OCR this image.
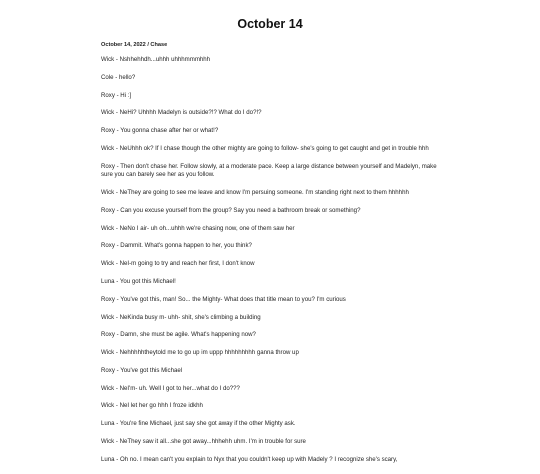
October 14

October 14, 2022 / Chase

Wick - Nshhehhdh...uhhh uhhhmmmhhh
Cole - hello?
Roxy - Hi :]
Wick - NeHi? Uhhhh Madelyn is outside?!? What do I do?!?
Roxy - You gonna chase after her or what!?
Wick - NeUhhh ok? If I chase though the other mighty are going to follow- she's going to get caught and get in trouble hhh
Roxy - Then don't chase her. Follow slowly, at a moderate pace. Keep a large distance between yourself and Madelyn, make sure you can barely see her as you follow.
Wick - NeThey are going to see me leave and know I'm persuing someone. I'm standing right next to them hhhhhh
Roxy - Can you excuse yourself from the group? Say you need a bathroom break or something?
Wick - NeNo I air- uh oh...uhhh we're chasing now, one of them saw her
Roxy - Dammit. What's gonna happen to her, you think?
Wick - NeI-m going to try and reach her first, I don't know
Luna - You got this Michael!
Roxy - You've got this, man! So... the Mighty- What does that title mean to you? I'm curious
Wick - NeKinda busy m- uhh- shit, she's climbing a building
Roxy - Damn, she must be agile. What's happening now?
Wick - Nehhhhhtheytold me to go up im uppp hhhhhhhhh ganna throw up
Roxy - You've got this Michael
Wick - NeI'm- uh. Well I got to her...what do I do???
Wick - NeI let her go hhh I froze idkhh
Luna - You're fine Michael, just say she got away if the other Mighty ask.
Wick - NeThey saw it all...she got away...hhhehh uhm. I'm in trouble for sure
Luna - Oh no. I mean can't you explain to Nyx that you couldn't keep up with Madely ? I recognize she's scary,
